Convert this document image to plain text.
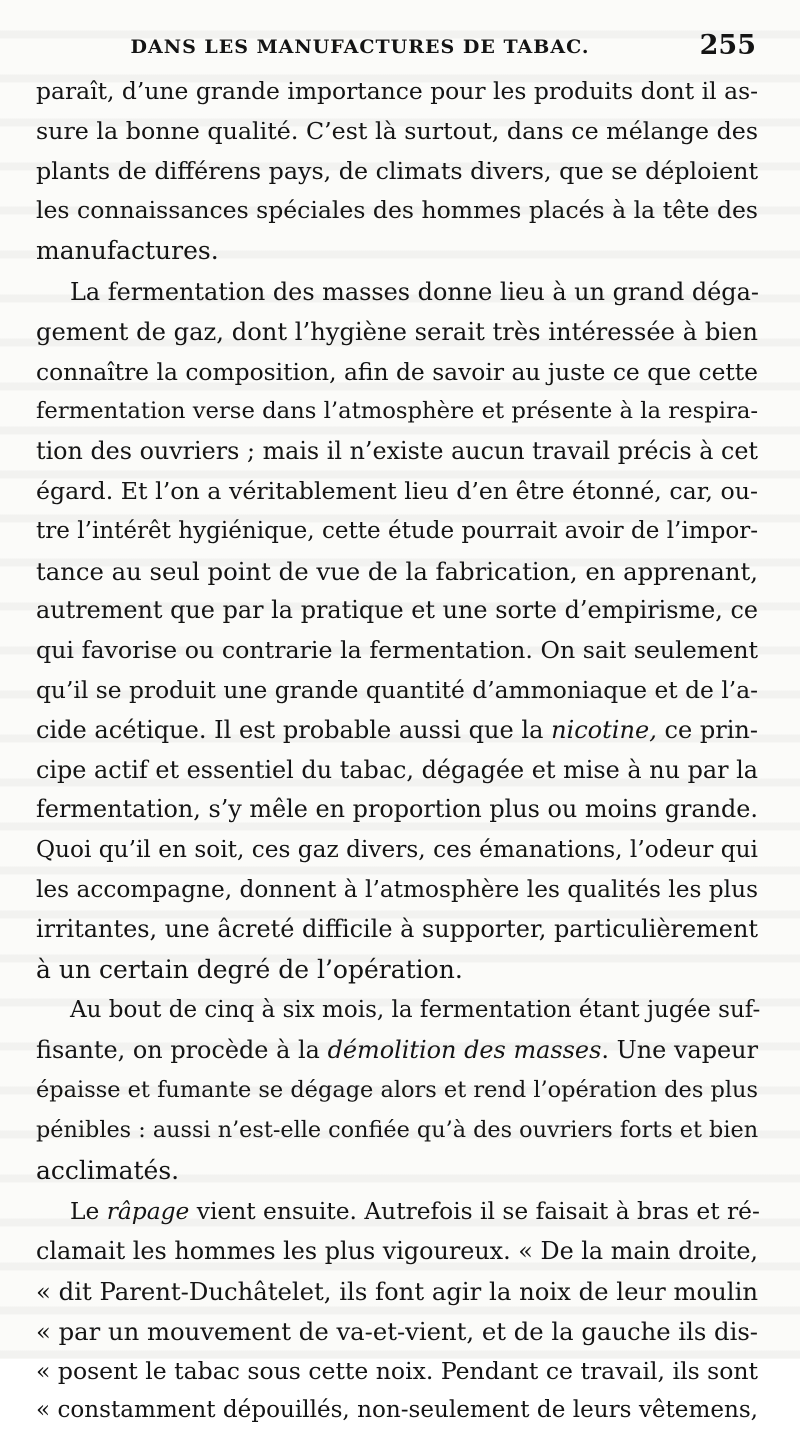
DANS LES MANUFACTURES DE TABAC.	255
paraît, d’une grande importance pour les produits dont il as-
sure la bonne qualité. C’est là surtout, dans ce mélange des
plants de différens pays, de climats divers, que se déploient
les connaissances spéciales des hommes placés à la tête des
manufactures.
La fermentation des masses donne lieu à un grand déga-
gement de gaz, dont l’hygiène serait très intéressée à bien
connaître la composition, afin de savoir au juste ce que cette
fermentation verse dans l’atmosphère et présente à la respira-
tion des ouvriers ; mais il n’existe aucun travail précis à cet
égard. Et l’on a véritablement lieu d’en être étonné, car, ou-
tre l’intérêt hygiénique, cette étude pourrait avoir de l’impor-
tance au seul point de vue de la fabrication, en apprenant,
autrement que par la pratique et une sorte d’empirisme, ce
qui favorise ou contrarie la fermentation. On sait seulement
qu’il se produit une grande quantité d’ammoniaque et de l’a-
cide acétique. Il est probable aussi que la nicotine, ce prin-
cipe actif et essentiel du tabac, dégagée et mise à nu par la
fermentation, s’y mêle en proportion plus ou moins grande.
Quoi qu’il en soit, ces gaz divers, ces émanations, l’odeur qui
les accompagne, donnent à l’atmosphère les qualités les plus
irritantes, une âcreté difficile à supporter, particulièrement
à un certain degré de l’opération.
Au bout de cinq à six mois, la fermentation étant jugée suf-
fisante, on procède à la démolition des masses. Une vapeur
épaisse et fumante se dégage alors et rend l’opération des plus
pénibles : aussi n’est-elle confiée qu’à des ouvriers forts et bien
acclimatés.
Le râpage vient ensuite. Autrefois il se faisait à bras et ré-
clamait les hommes les plus vigoureux. « De la main droite,
« dit Parent-Duchâtelet, ils font agir la noix de leur moulin
« par un mouvement de va-et-vient, et de la gauche ils dis-
« posent le tabac sous cette noix. Pendant ce travail, ils sont
« constamment dépouillés, non-seulement de leurs vêtemens,
